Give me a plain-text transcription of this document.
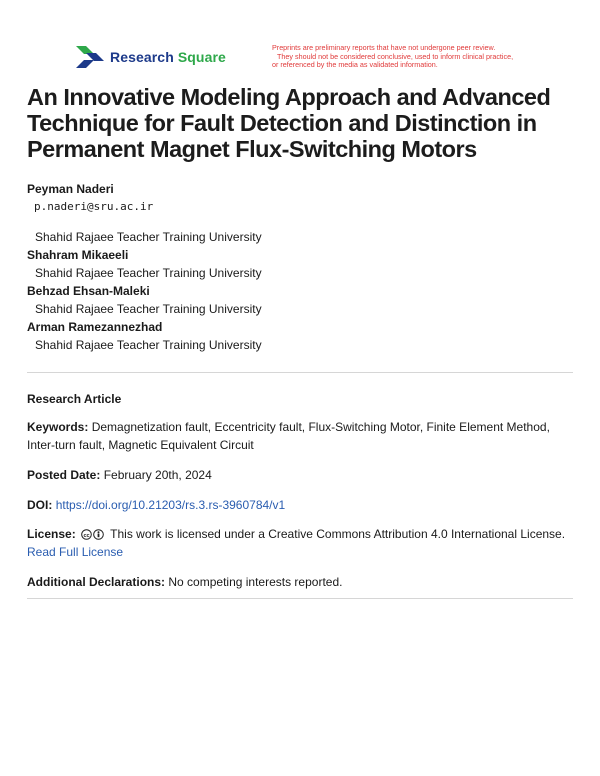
Research Square
Preprints are preliminary reports that have not undergone peer review.
They should not be considered conclusive, used to inform clinical practice,
or referenced by the media as validated information.
An Innovative Modeling Approach and Advanced
Technique for Fault Detection and Distinction in
Permanent Magnet Flux-Switching Motors
Peyman Naderi
p.naderi@sru.ac.ir
Shahid Rajaee Teacher Training University
Shahram Mikaeeli
Shahid Rajaee Teacher Training University
Behzad Ehsan-Maleki
Shahid Rajaee Teacher Training University
Arman Ramezannezhad
Shahid Rajaee Teacher Training University
Research Article
Keywords: Demagnetization fault, Eccentricity fault, Flux-Switching Motor, Finite Element Method, Inter-turn fault, Magnetic Equivalent Circuit
Posted Date: February 20th, 2024
DOI: https://doi.org/10.21203/rs.3.rs-3960784/v1
License: cc This work is licensed under a Creative Commons Attribution 4.0 International License.
Read Full License
Additional Declarations: No competing interests reported.
